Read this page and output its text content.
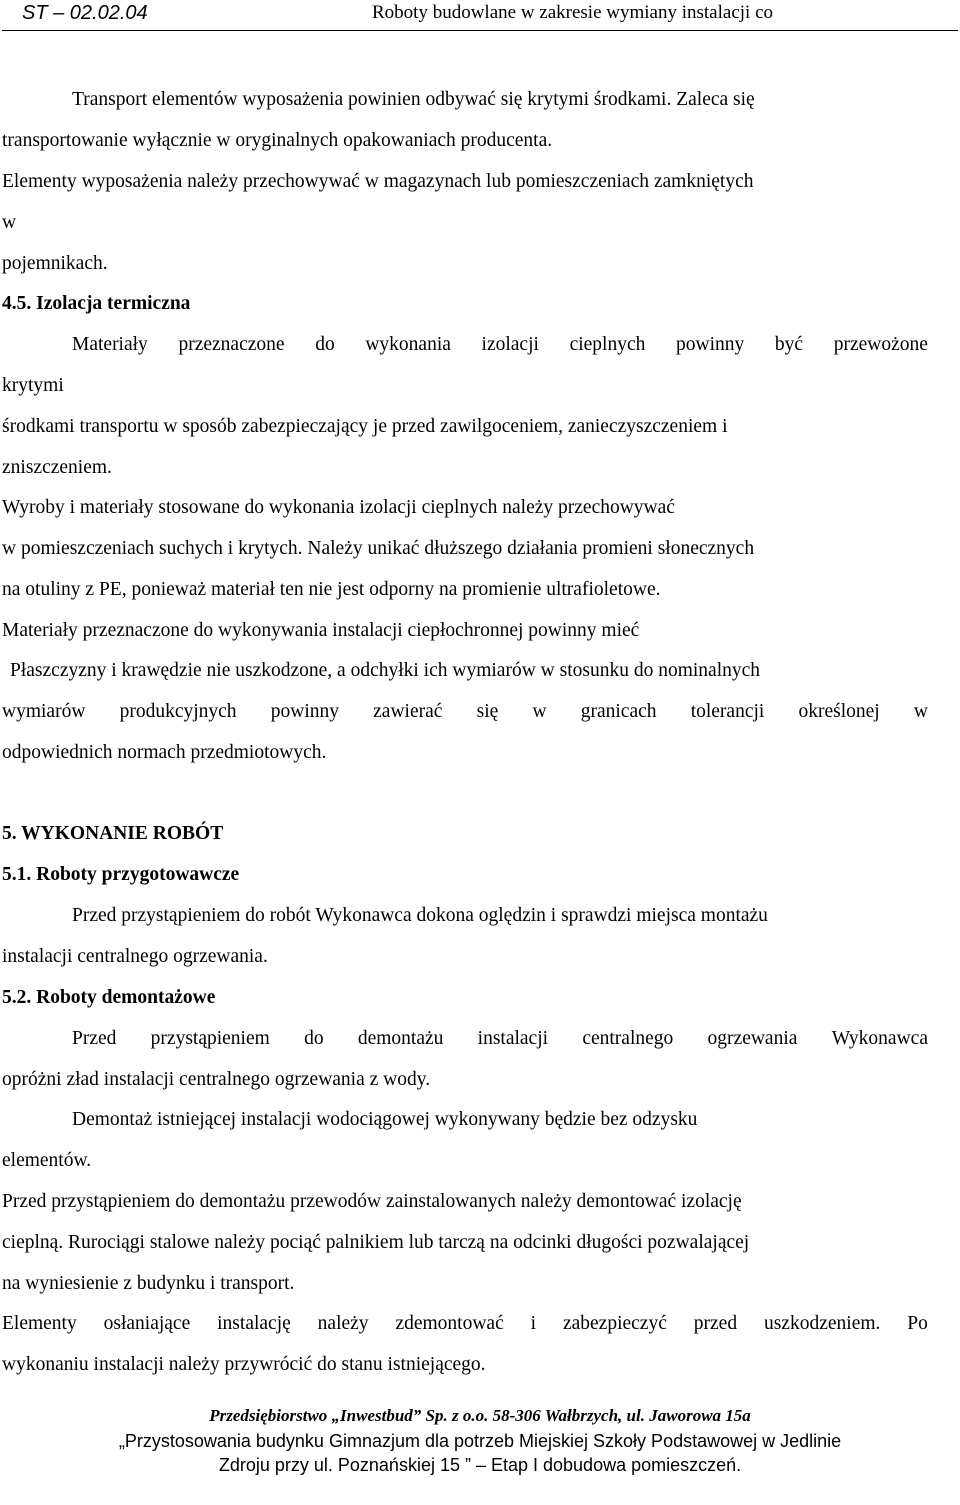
ST – 02.02.04	Roboty budowlane w zakresie wymiany instalacji co
Transport elementów wyposażenia powinien odbywać się krytymi środkami. Zaleca się
transportowanie wyłącznie w oryginalnych opakowaniach producenta.
Elementy wyposażenia należy przechowywać w magazynach lub pomieszczeniach zamkniętych
w
pojemnikach.
4.5. Izolacja termiczna
Materiały przeznaczone do wykonania izolacji cieplnych powinny być przewożone
krytymi
środkami transportu w sposób zabezpieczający je przed zawilgoceniem, zanieczyszczeniem i
zniszczeniem.
Wyroby i materiały stosowane do wykonania izolacji cieplnych należy przechowywać
w pomieszczeniach suchych i krytych. Należy unikać dłuższego działania promieni słonecznych
na otuliny z PE, ponieważ materiał ten nie jest odporny na promienie ultrafioletowe.
Materiały przeznaczone do wykonywania instalacji ciepłochronnej powinny mieć
Płaszczyzny i krawędzie nie uszkodzone, a odchyłki ich wymiarów w stosunku do nominalnych
wymiarów produkcyjnych powinny zawierać się w granicach tolerancji określonej w
odpowiednich normach przedmiotowych.
5. WYKONANIE ROBÓT
5.1. Roboty przygotowawcze
Przed przystąpieniem do robót Wykonawca dokona oględzin i sprawdzi miejsca montażu
instalacji centralnego ogrzewania.
5.2. Roboty demontażowe
Przed przystąpieniem do demontażu instalacji centralnego ogrzewania Wykonawca
opróżni zład instalacji centralnego ogrzewania z wody.
Demontaż istniejącej instalacji wodociągowej wykonywany będzie bez odzysku
elementów.
Przed przystąpieniem do demontażu przewodów zainstalowanych należy demontować izolację
cieplną. Rurociągi stalowe należy pociąć palnikiem lub tarczą na odcinki długości pozwalającej
na wyniesienie z budynku i transport.
Elementy osłaniające instalację należy zdemontować i zabezpieczyć przed uszkodzeniem. Po
wykonaniu instalacji należy przywrócić do stanu istniejącego.
Przedsiębiorstwo „Inwestbud” Sp. z o.o. 58-306 Wałbrzych, ul. Jaworowa 15a
„Przystosowania budynku Gimnazjum dla potrzeb Miejskiej Szkoły Podstawowej w Jedlinie
Zdroju przy ul. Poznańskiej 15 ” – Etap I dobudowa pomieszczeń.
